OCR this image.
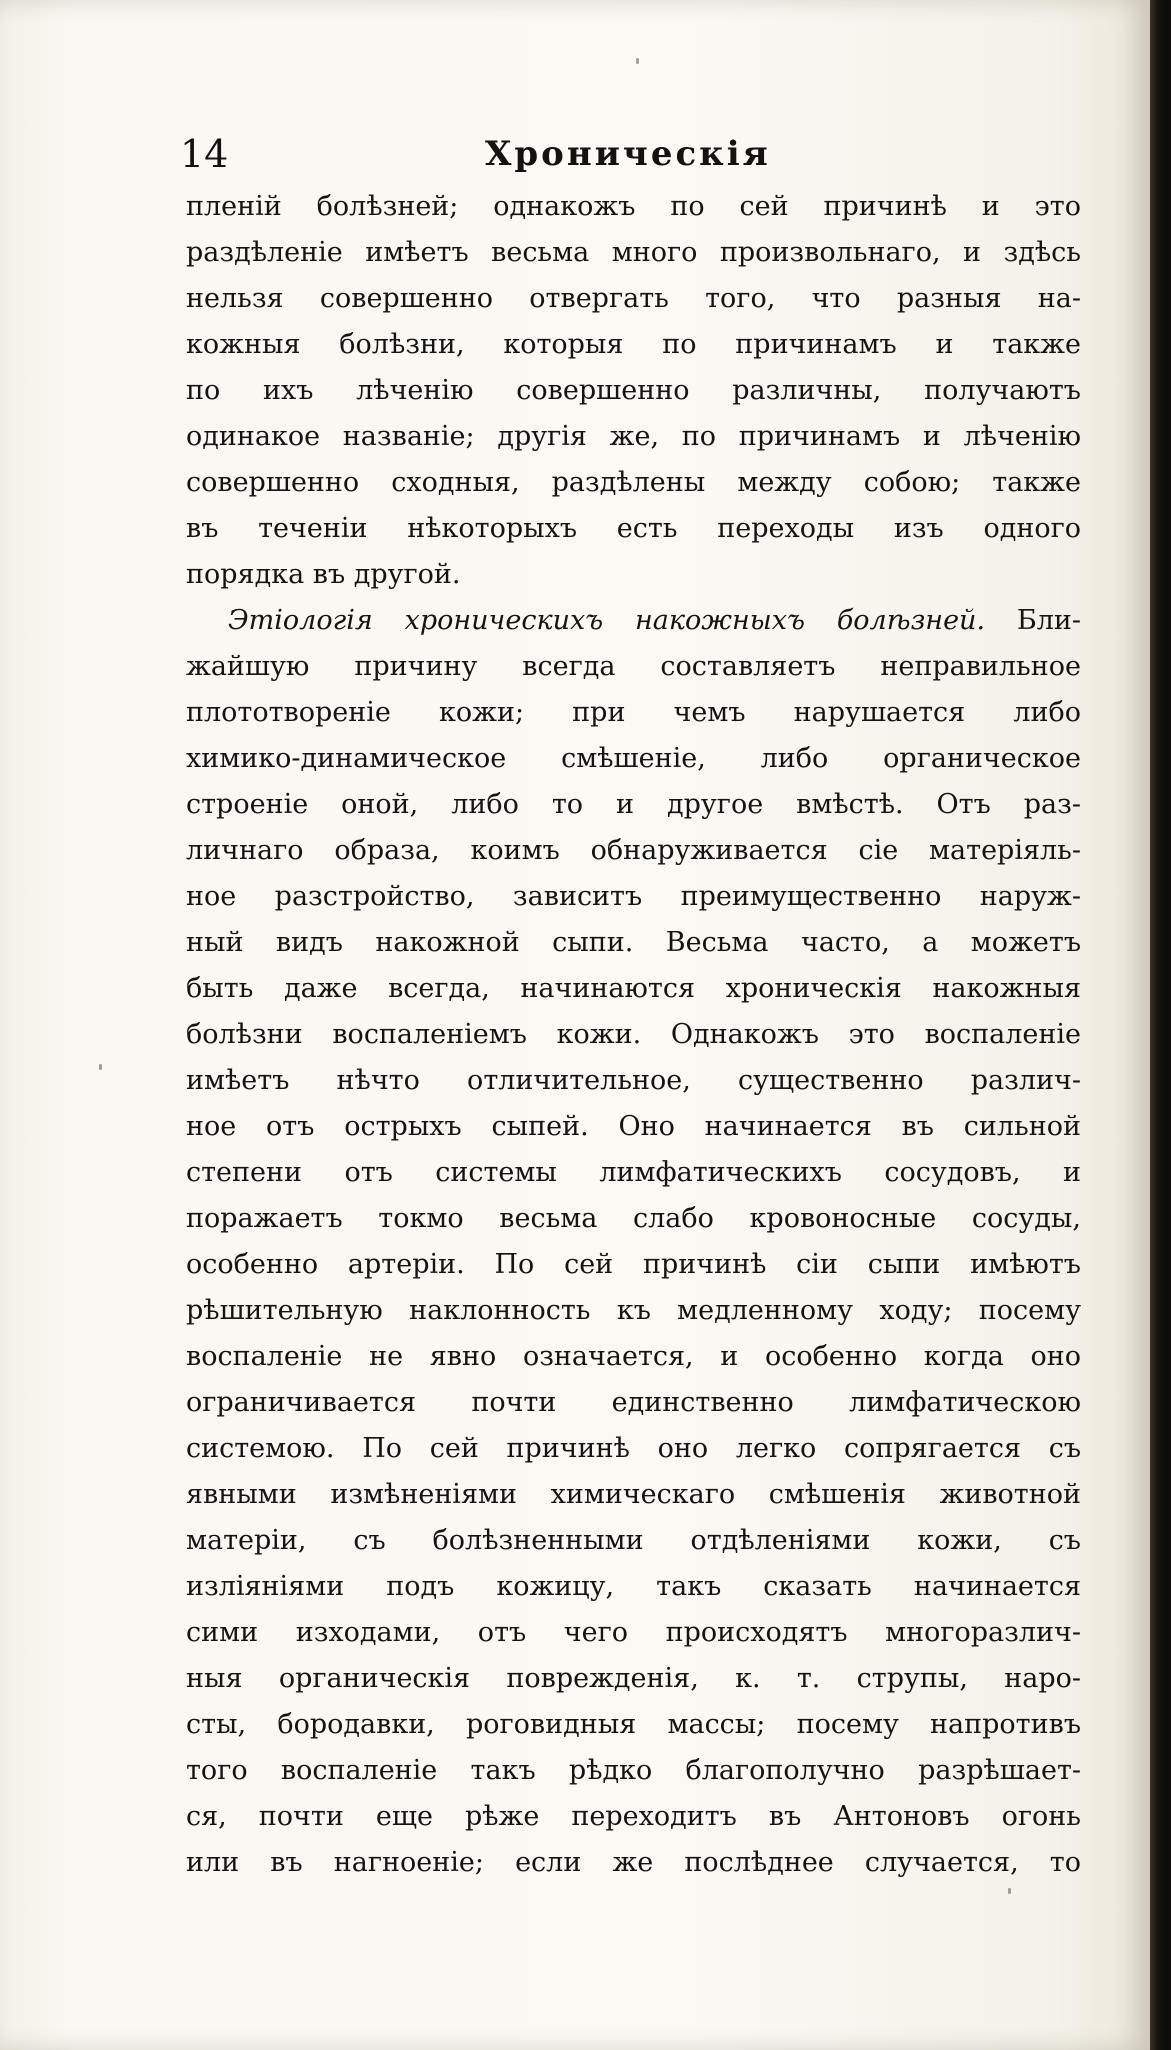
14	Хроническія
пленій болѣзней; однакожъ по сей причинѣ и это
раздѣленіе имѣетъ весьма много произвольнаго, и здѣсь
нельзя совершенно отвергать того, что разныя на-
кожныя болѣзни, которыя по причинамъ и также
по ихъ лѣченію совершенно различны, получаютъ
одинакое названіе; другія же, по причинамъ и лѣченію
совершенно сходныя, раздѣлены между собою; также
въ теченіи нѣкоторыхъ есть переходы изъ одного
порядка въ другой.
Этіологія хроническихъ накожныхъ болѣзней. Бли-
жайшую причину всегда составляетъ неправильное
плототвореніе кожи; при чемъ нарушается либо
химико-динамическое смѣшеніе, либо органическое
строеніе оной, либо то и другое вмѣстѣ. Отъ раз-
личнаго образа, коимъ обнаруживается сіе матеріяль-
ное разстройство, зависитъ преимущественно наруж-
ный видъ накожной сыпи. Весьма часто, а можетъ
быть даже всегда, начинаются хроническія накожныя
болѣзни воспаленіемъ кожи. Однакожъ это воспаленіе
имѣетъ нѣчто отличительное, существенно различ-
ное отъ острыхъ сыпей. Оно начинается въ сильной
степени отъ системы лимфатическихъ сосудовъ, и
поражаетъ токмо весьма слабо кровоносные сосуды,
особенно артеріи. По сей причинѣ сіи сыпи имѣютъ
рѣшительную наклонность къ медленному ходу; посему
воспаленіе не явно означается, и особенно когда оно
ограничивается почти единственно лимфатическою
системою. По сей причинѣ оно легко сопрягается съ
явными измѣненіями химическаго смѣшенія животной
матеріи, съ болѣзненными отдѣленіями кожи, съ
изліяніями подъ кожицу, такъ сказать начинается
сими изходами, отъ чего происходятъ многоразлич-
ныя органическія поврежденія, к. т. струпы, наро-
сты, бородавки, роговидныя массы; посему напротивъ
того воспаленіе такъ рѣдко благополучно разрѣшает-
ся, почти еще рѣже переходитъ въ Антоновъ огонь
или въ нагноеніе; если же послѣднее случается, то
